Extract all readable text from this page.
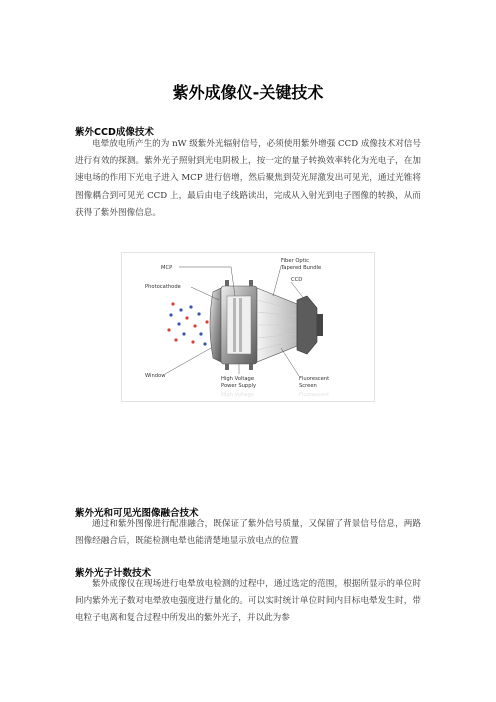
紫外成像仪-关键技术
紫外CCD成像技术
电晕放电所产生的为 nW 级紫外光辐射信号，必须使用紫外增强 CCD 成像技术对信号进行有效的探测。紫外光子照射到光电阴极上，按一定的量子转换效率转化为光电子，在加速电场的作用下光电子进入 MCP 进行倍增，然后聚焦到荧光屏激发出可见光，通过光锥将图像耦合到可见光 CCD 上，最后由电子线路读出，完成从入射光到电子图像的转换，从而获得了紫外图像信息。
MCP
Photocathode
Window
Fiber Optic
Tapered Bundle
CCD
High Voltage
Power Supply
Fluorescent
Screen
High Voltage	Fluorescent
紫外光和可见光图像融合技术
通过和紫外图像进行配准融合，既保证了紫外信号质量，又保留了背景信号信息，两路图像经融合后，既能检测电晕也能清楚地显示放电点的位置
紫外光子计数技术
紫外成像仪在现场进行电晕放电检测的过程中，通过选定的范围，根据所显示的单位时间内紫外光子数对电晕放电强度进行量化的。可以实时统计单位时间内目标电晕发生时，带电粒子电离和复合过程中所发出的紫外光子，并以此为参
